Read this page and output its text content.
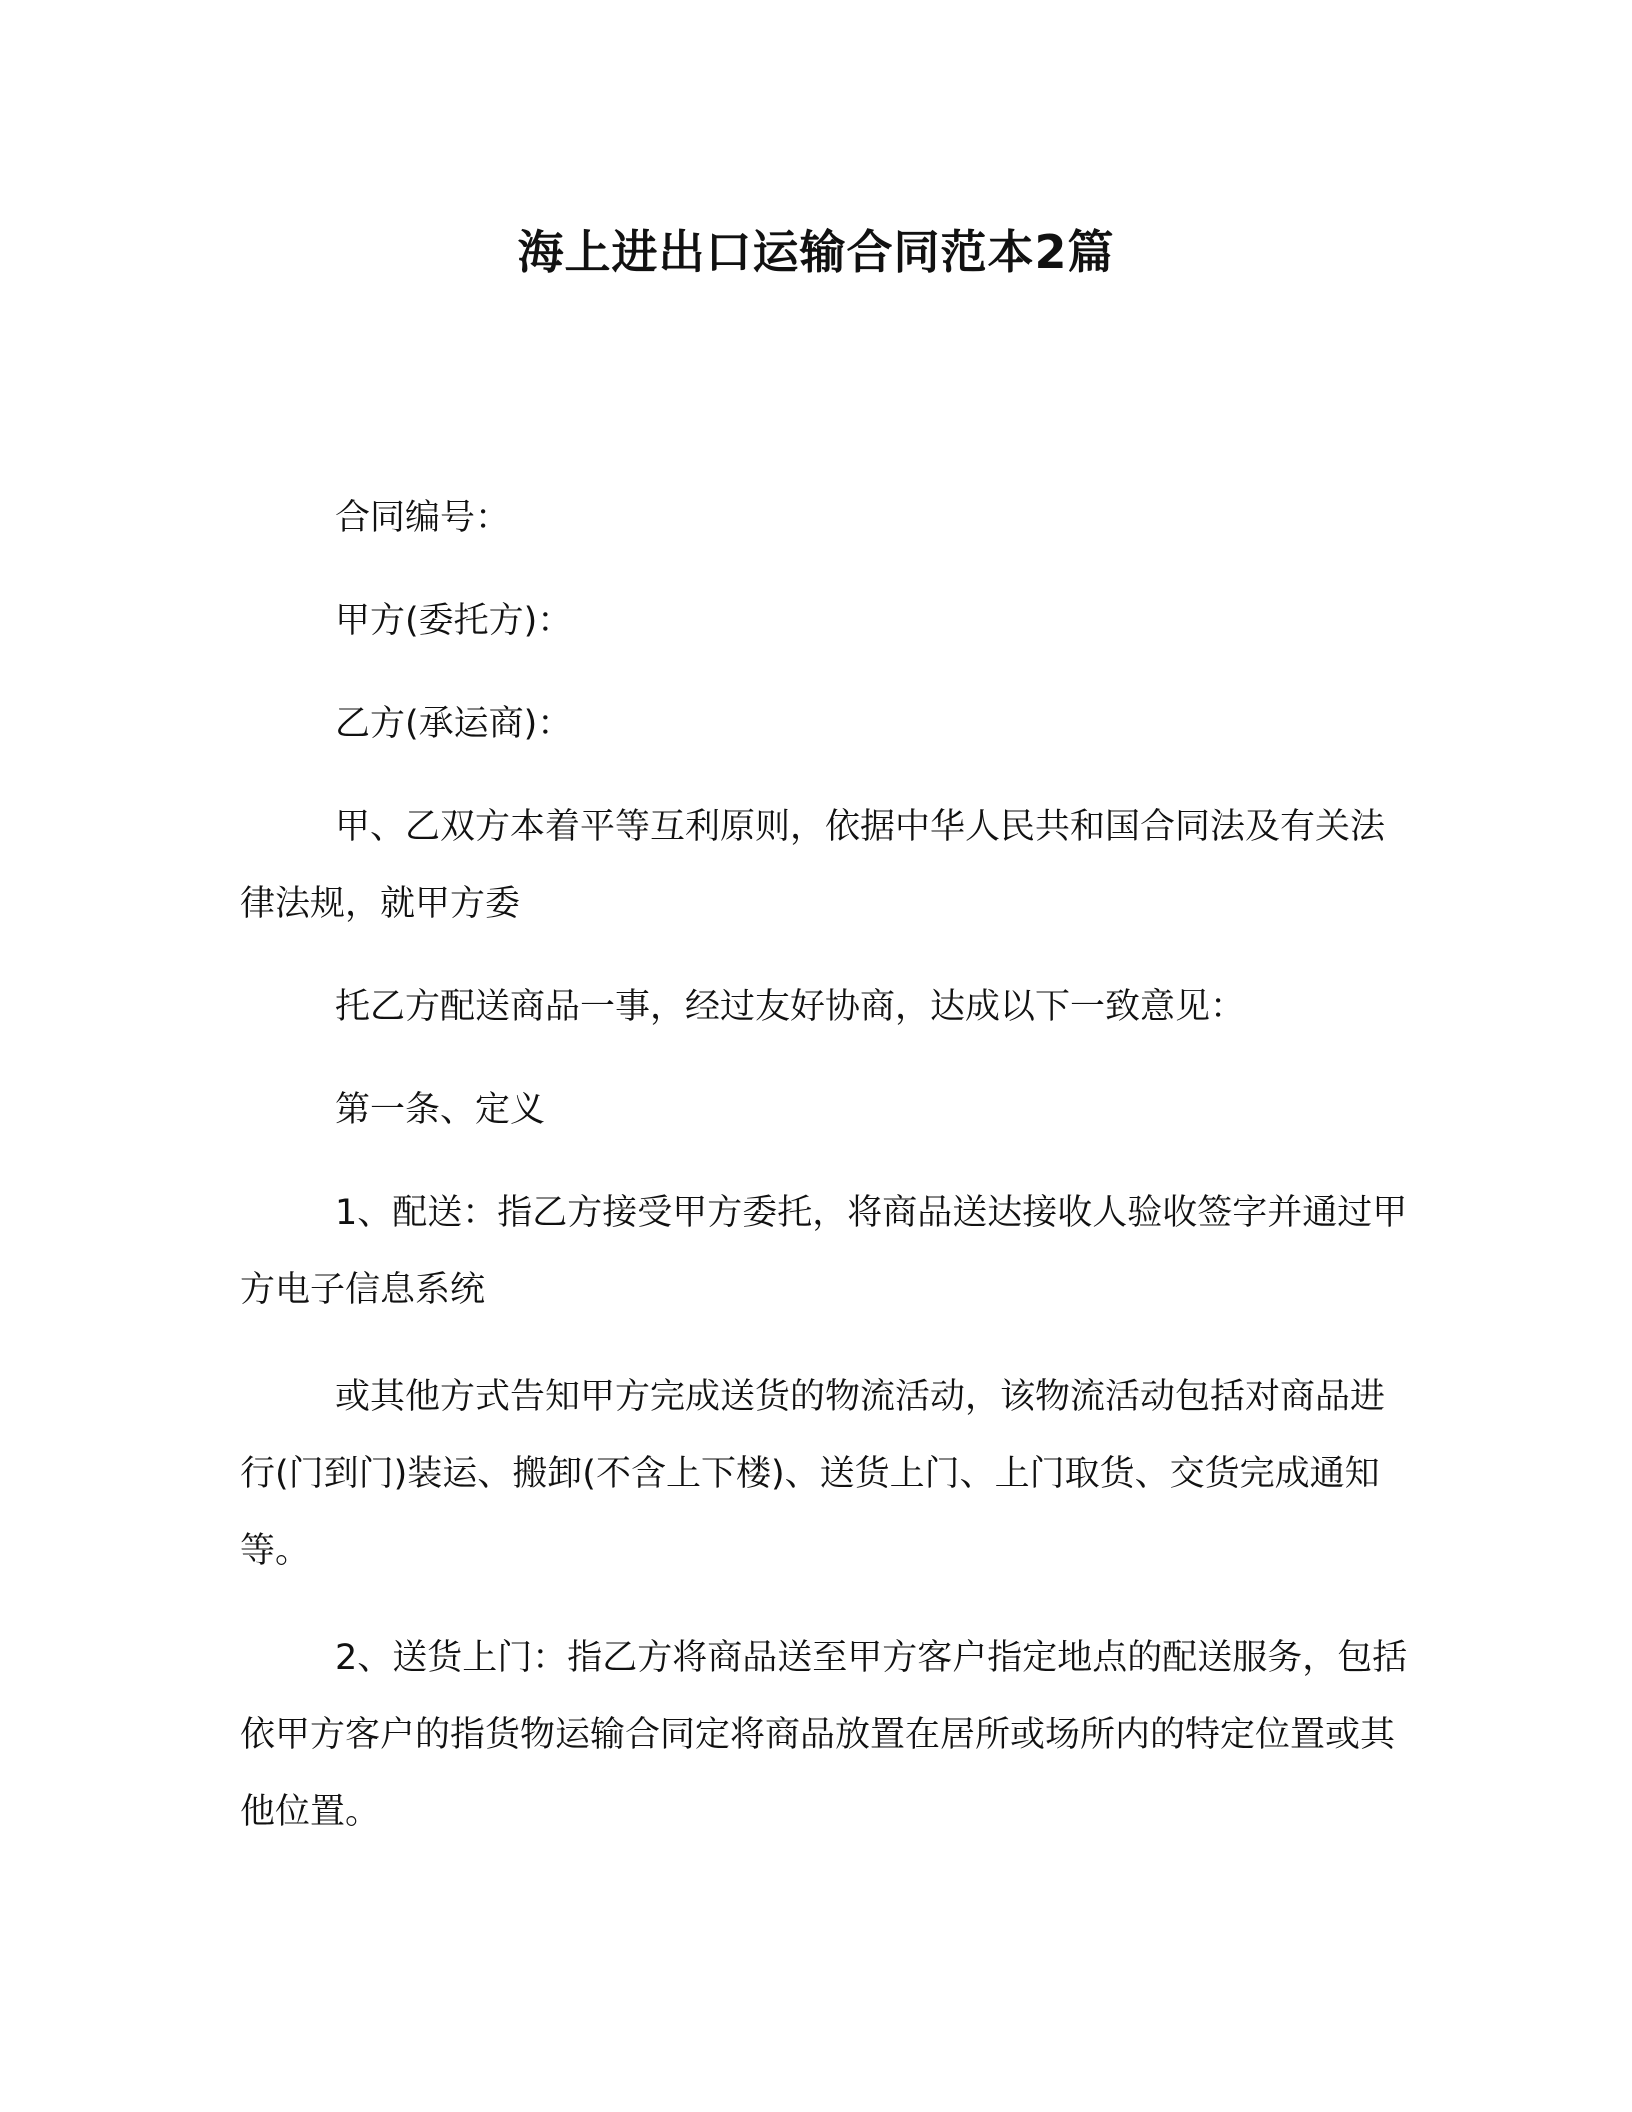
海上进出口运输合同范本2篇

合同编号：

甲方(委托方)：

乙方(承运商)：

甲、乙双方本着平等互利原则，依据中华人民共和国合同法及有关法律法规，就甲方委

托乙方配送商品一事，经过友好协商，达成以下一致意见：

第一条、定义

1、配送：指乙方接受甲方委托，将商品送达接收人验收签字并通过甲方电子信息系统

或其他方式告知甲方完成送货的物流活动，该物流活动包括对商品进行(门到门)装运、搬卸(不含上下楼)、送货上门、上门取货、交货完成通知等。

2、送货上门：指乙方将商品送至甲方客户指定地点的配送服务，包括依甲方客户的指货物运输合同定将商品放置在居所或场所内的特定位置或其他位置。
